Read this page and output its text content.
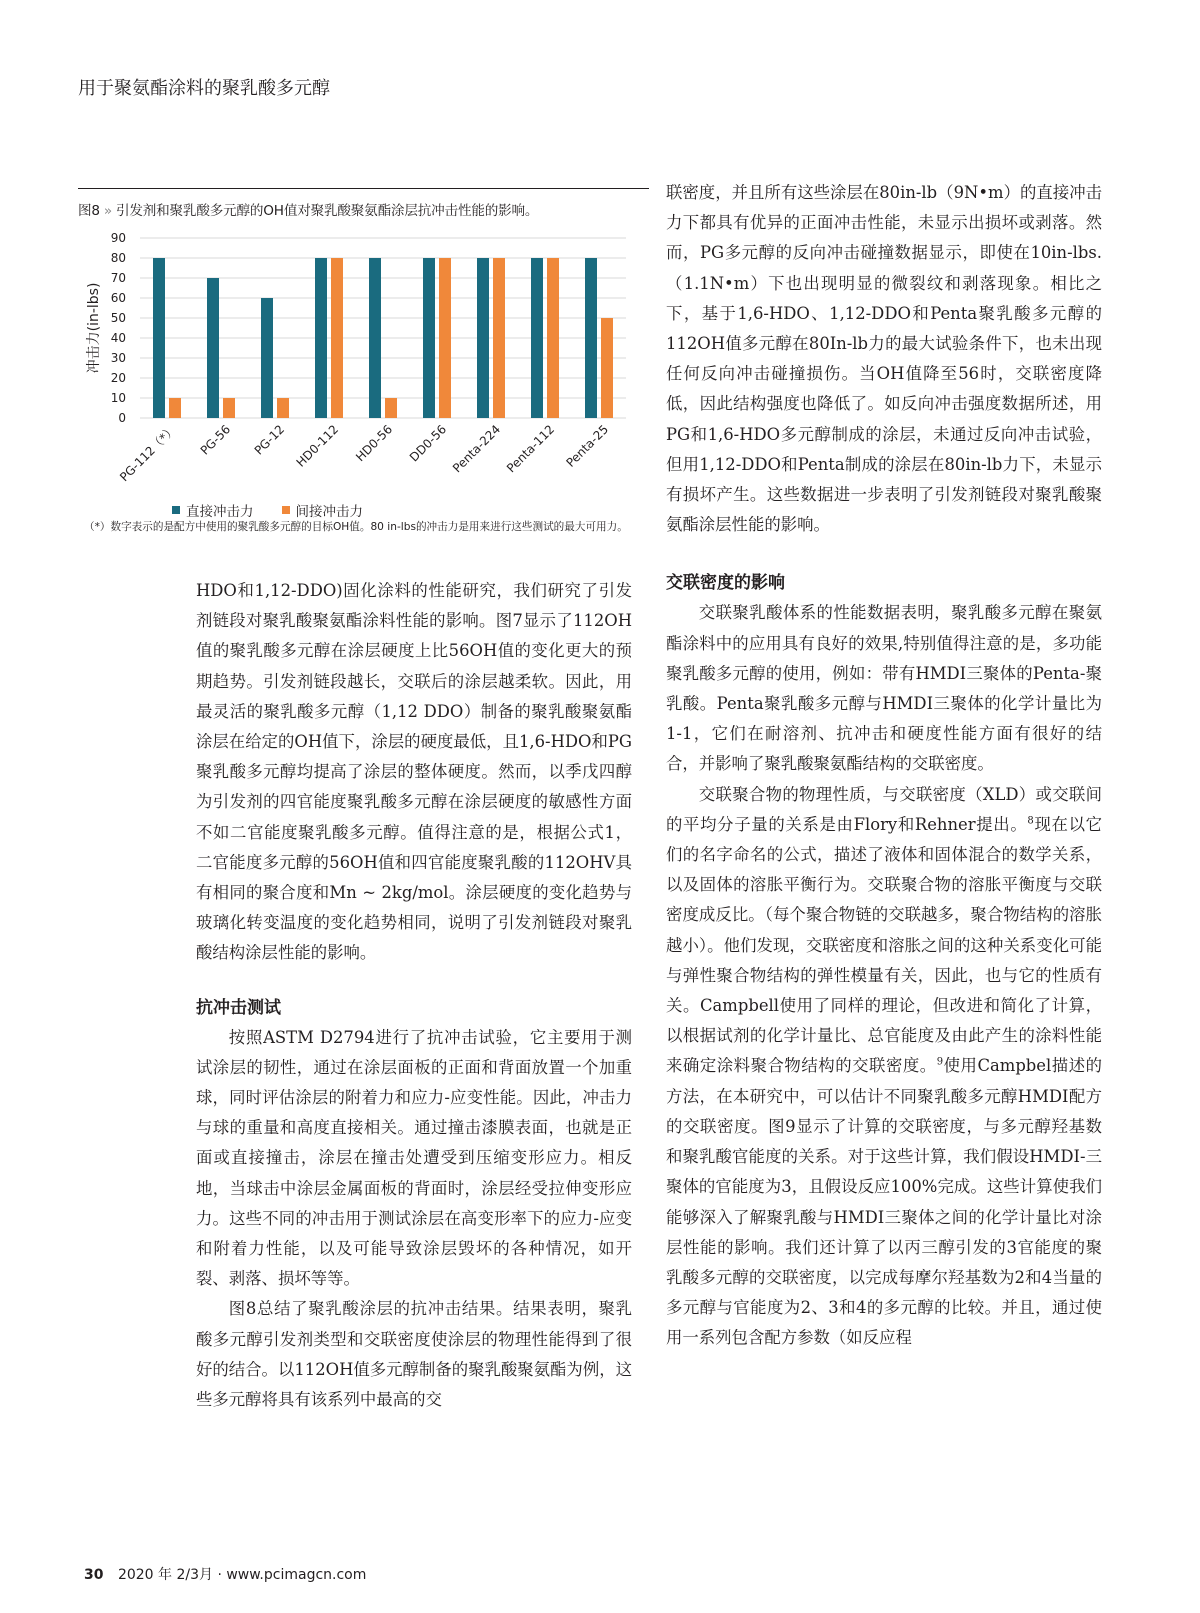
用于聚氨酯涂料的聚乳酸多元醇
图8 » 引发剂和聚乳酸多元醇的OH值对聚乳酸聚氨酯涂层抗冲击性能的影响。
0
10
20
30
40
50
60
70
80
90
冲击力(in-lbs)
PG-112（*） PG-56 PG-12 HD0-112 HD0-56 DD0-56 Penta-224 Penta-112 Penta-25
直接冲击力	间接冲击力
（*）数字表示的是配方中使用的聚乳酸多元醇的目标OH值。80 in-lbs的冲击力是用来进行这些测试的最大可用力。

HDO和1,12-DDO)固化涂料的性能研究，我们研究了引发剂链段对聚乳酸聚氨酯涂料性能的影响。图7显示了112OH值的聚乳酸多元醇在涂层硬度上比56OH值的变化更大的预期趋势。引发剂链段越长，交联后的涂层越柔软。因此，用最灵活的聚乳酸多元醇（1,12 DDO）制备的聚乳酸聚氨酯涂层在给定的OH值下，涂层的硬度最低，且1,6-HDO和PG聚乳酸多元醇均提高了涂层的整体硬度。然而，以季戊四醇为引发剂的四官能度聚乳酸多元醇在涂层硬度的敏感性方面不如二官能度聚乳酸多元醇。值得注意的是，根据公式1，二官能度多元醇的56OH值和四官能度聚乳酸的112OHV具有相同的聚合度和Mn ~ 2kg/mol。涂层硬度的变化趋势与玻璃化转变温度的变化趋势相同，说明了引发剂链段对聚乳酸结构涂层性能的影响。

抗冲击测试

按照ASTM D2794进行了抗冲击试验，它主要用于测试涂层的韧性，通过在涂层面板的正面和背面放置一个加重球，同时评估涂层的附着力和应力-应变性能。因此，冲击力与球的重量和高度直接相关。通过撞击漆膜表面，也就是正面或直接撞击，涂层在撞击处遭受到压缩变形应力。相反地，当球击中涂层金属面板的背面时，涂层经受拉伸变形应力。这些不同的冲击用于测试涂层在高变形率下的应力-应变和附着力性能，以及可能导致涂层毁坏的各种情况，如开裂、剥落、损坏等等。

图8总结了聚乳酸涂层的抗冲击结果。结果表明，聚乳酸多元醇引发剂类型和交联密度使涂层的物理性能得到了很好的结合。以112OH值多元醇制备的聚乳酸聚氨酯为例，这些多元醇将具有该系列中最高的交

联密度，并且所有这些涂层在80in-lb（9N•m）的直接冲击力下都具有优异的正面冲击性能，未显示出损坏或剥落。然而，PG多元醇的反向冲击碰撞数据显示，即使在10in-lbs.（1.1N•m）下也出现明显的微裂纹和剥落现象。相比之下，基于1,6-HDO、1,12-DDO和Penta聚乳酸多元醇的112OH值多元醇在80In-lb力的最大试验条件下，也未出现任何反向冲击碰撞损伤。当OH值降至56时，交联密度降低，因此结构强度也降低了。如反向冲击强度数据所述，用PG和1,6-HDO多元醇制成的涂层，未通过反向冲击试验，但用1,12-DDO和Penta制成的涂层在80in-lb力下，未显示有损坏产生。这些数据进一步表明了引发剂链段对聚乳酸聚氨酯涂层性能的影响。

交联密度的影响

交联聚乳酸体系的性能数据表明，聚乳酸多元醇在聚氨酯涂料中的应用具有良好的效果,特别值得注意的是，多功能聚乳酸多元醇的使用，例如：带有HMDI三聚体的Penta-聚乳酸。Penta聚乳酸多元醇与HMDI三聚体的化学计量比为1-1，它们在耐溶剂、抗冲击和硬度性能方面有很好的结合，并影响了聚乳酸聚氨酯结构的交联密度。

交联聚合物的物理性质，与交联密度（XLD）或交联间的平均分子量的关系是由Flory和Rehner提出。$^8$现在以它们的名字命名的公式，描述了液体和固体混合的数学关系，以及固体的溶胀平衡行为。交联聚合物的溶胀平衡度与交联密度成反比。（每个聚合物链的交联越多，聚合物结构的溶胀越小）。他们发现，交联密度和溶胀之间的这种关系变化可能与弹性聚合物结构的弹性模量有关，因此，也与它的性质有关。Campbell使用了同样的理论，但改进和简化了计算，以根据试剂的化学计量比、总官能度及由此产生的涂料性能来确定涂料聚合物结构的交联密度。$^9$使用Campbel描述的方法，在本研究中，可以估计不同聚乳酸多元醇HMDI配方的交联密度。图9显示了计算的交联密度，与多元醇羟基数和聚乳酸官能度的关系。对于这些计算，我们假设HMDI-三聚体的官能度为3，且假设反应100%完成。这些计算使我们能够深入了解聚乳酸与HMDI三聚体之间的化学计量比对涂层性能的影响。我们还计算了以丙三醇引发的3官能度的聚乳酸多元醇的交联密度，以完成每摩尔羟基数为2和4当量的多元醇与官能度为2、3和4的多元醇的比较。并且，通过使用一系列包含配方参数（如反应程

30 2020 年 2/3月 · www.pcimagcn.com
